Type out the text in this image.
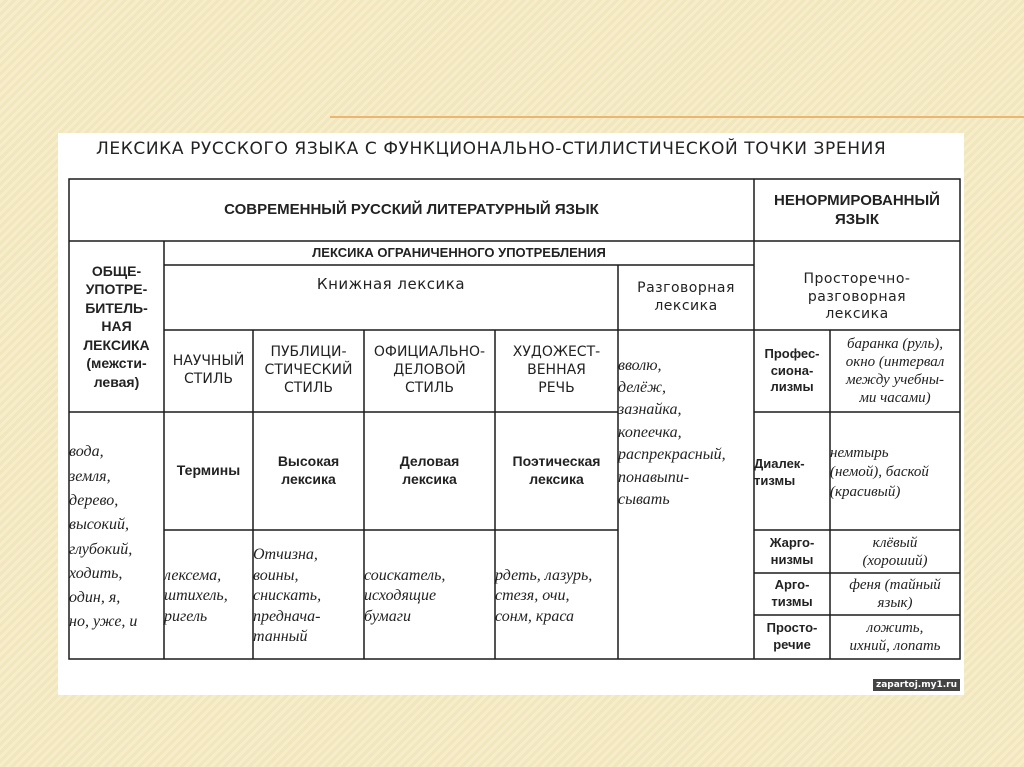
ЛЕКСИКА РУССКОГО ЯЗЫКА С ФУНКЦИОНАЛЬНО-СТИЛИСТИЧЕСКОЙ ТОЧКИ ЗРЕНИЯ
СОВРЕМЕННЫЙ РУССКИЙ ЛИТЕРАТУРНЫЙ ЯЗЫК
НЕНОРМИРОВАННЫЙ
ЯЗЫК
ОБЩЕ-
УПОТРЕ-
БИТЕЛЬ-
НАЯ
ЛЕКСИКА
(межсти-
левая)
ЛЕКСИКА ОГРАНИЧЕННОГО УПОТРЕБЛЕНИЯ
Книжная лексика	Разговорная
лексика
Просторечно-
разговорная
лексика
НАУЧНЫЙ
СТИЛЬ
ПУБЛИЦИ-
СТИЧЕСКИЙ
СТИЛЬ
ОФИЦИАЛЬНО-
ДЕЛОВОЙ
СТИЛЬ
ХУДОЖЕСТ-
ВЕННАЯ
РЕЧЬ
Термины
Высокая
лексика
Деловая
лексика
Поэтическая
лексика
вода,
земля,
дерево,
высокий,
глубокий,
ходить,
один, я,
но, уже, и
лексема,
штихель,
ригель
Отчизна,
воины,
снискать,
преднача-
танный
соискатель,
исходящие
бумаги
рдеть, лазурь,
стезя, очи,
сонм, краса
вволю,
делёж,
зазнайка,
копеечка,
распрекрасный,
понавыпи-
сывать
Профес-
сиона-
лизмы
баранка (руль),
окно (интервал
между учебны-
ми часами)
Диалек-
тизмы
немтырь
(немой), баской
(красивый)
Жарго-
низмы
клёвый
(хороший)
Арго-
тизмы
феня (тайный
язык)
Просто-
речие
ложить,
ихний, лопать
zapartoj.my1.ru
